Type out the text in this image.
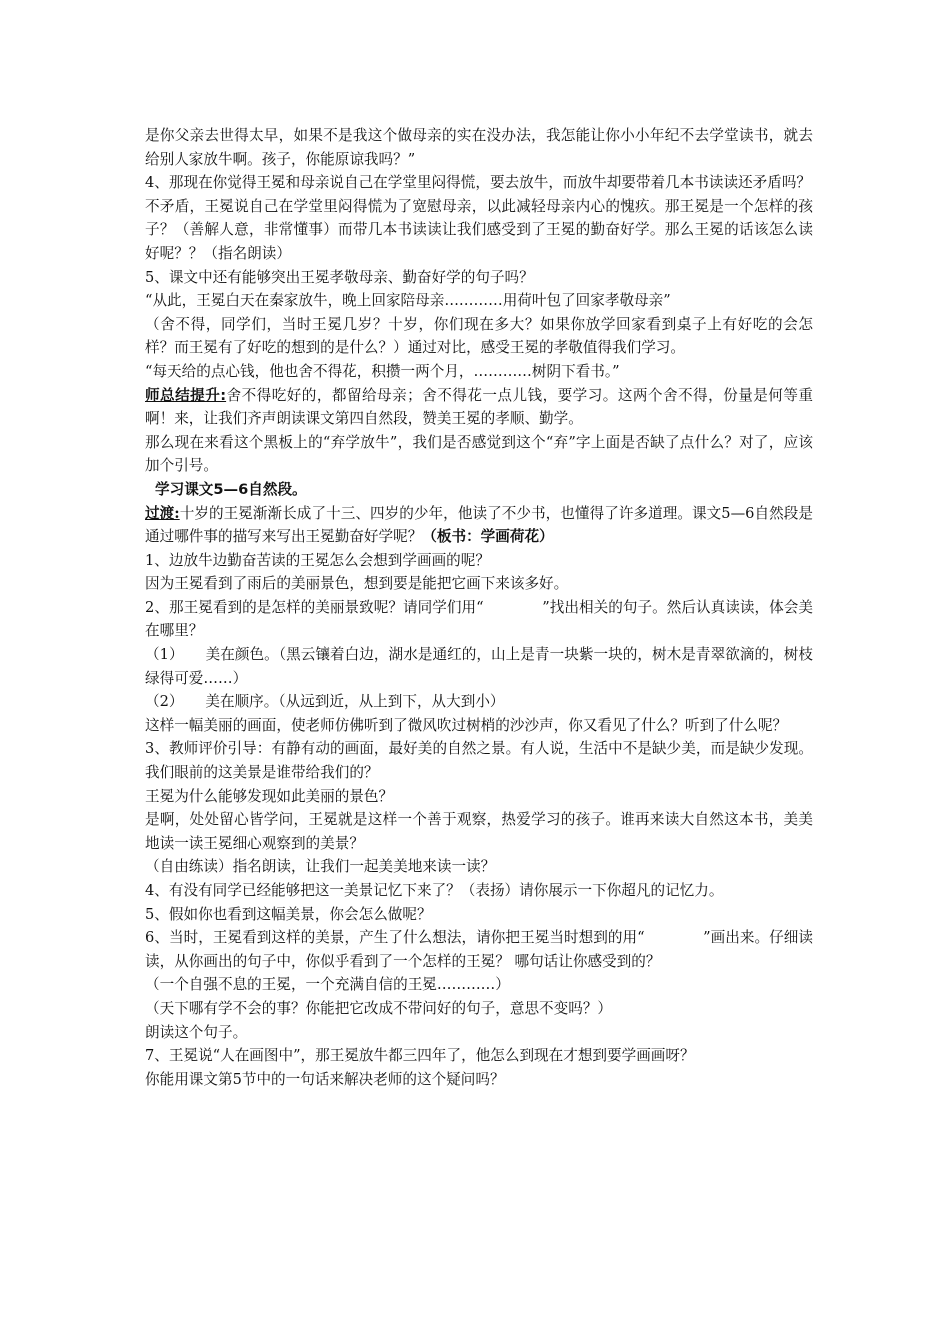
是你父亲去世得太早，如果不是我这个做母亲的实在没办法，我怎能让你小小年纪不去学堂读书，就去给别人家放牛啊。孩子，你能原谅我吗？”

4、那现在你觉得王冕和母亲说自己在学堂里闷得慌，要去放牛，而放牛却要带着几本书读读还矛盾吗？

不矛盾，王冕说自己在学堂里闷得慌为了宽慰母亲，以此减轻母亲内心的愧疚。那王冕是一个怎样的孩子？（善解人意，非常懂事）而带几本书读读让我们感受到了王冕的勤奋好学。那么王冕的话该怎么读好呢？？（指名朗读）

5、课文中还有能够突出王冕孝敬母亲、勤奋好学的句子吗？

“从此，王冕白天在秦家放牛，晚上回家陪母亲…………用荷叶包了回家孝敬母亲”

（舍不得，同学们，当时王冕几岁？十岁，你们现在多大？如果你放学回家看到桌子上有好吃的会怎样？而王冕有了好吃的想到的是什么？）通过对比，感受王冕的孝敬值得我们学习。

“每天给的点心钱，他也舍不得花，积攒一两个月，…………树阴下看书。”

师总结提升:舍不得吃好的，都留给母亲；舍不得花一点儿钱，要学习。这两个舍不得，份量是何等重啊！来，让我们齐声朗读课文第四自然段，赞美王冕的孝顺、勤学。

那么现在来看这个黑板上的“弃学放牛”，我们是否感觉到这个“弃”字上面是否缺了点什么？对了，应该加个引号。

学习课文5—6自然段。

过渡:十岁的王冕渐渐长成了十三、四岁的少年，他读了不少书，也懂得了许多道理。课文5—6自然段是通过哪件事的描写来写出王冕勤奋好学呢？（板书：学画荷花）

1、边放牛边勤奋苦读的王冕怎么会想到学画画的呢？

因为王冕看到了雨后的美丽景色，想到要是能把它画下来该多好。

2、那王冕看到的是怎样的美丽景致呢？请同学们用“　　　　”找出相关的句子。然后认真读读，体会美在哪里？

（1）　　美在颜色。（黑云镶着白边，湖水是通红的，山上是青一块紫一块的，树木是青翠欲滴的，树枝绿得可爱……）

（2）　　美在顺序。（从远到近，从上到下，从大到小）

这样一幅美丽的画面，使老师仿佛听到了微风吹过树梢的沙沙声，你又看见了什么？听到了什么呢？

3、教师评价引导：有静有动的画面，最好美的自然之景。有人说，生活中不是缺少美，而是缺少发现。我们眼前的这美景是谁带给我们的？

王冕为什么能够发现如此美丽的景色？

是啊，处处留心皆学问，王冕就是这样一个善于观察，热爱学习的孩子。谁再来读大自然这本书，美美地读一读王冕细心观察到的美景？

（自由练读）指名朗读，让我们一起美美地来读一读？

4、有没有同学已经能够把这一美景记忆下来了？（表扬）请你展示一下你超凡的记忆力。

5、假如你也看到这幅美景，你会怎么做呢？

6、当时，王冕看到这样的美景，产生了什么想法，请你把王冕当时想到的用“　　　　”画出来。仔细读读，从你画出的句子中，你似乎看到了一个怎样的王冕？ 哪句话让你感受到的？

（一个自强不息的王冕，一个充满自信的王冕…………）

（天下哪有学不会的事？你能把它改成不带问好的句子，意思不变吗？）

朗读这个句子。

7、王冕说“人在画图中”，那王冕放牛都三四年了，他怎么到现在才想到要学画画呀？

你能用课文第5节中的一句话来解决老师的这个疑问吗？
